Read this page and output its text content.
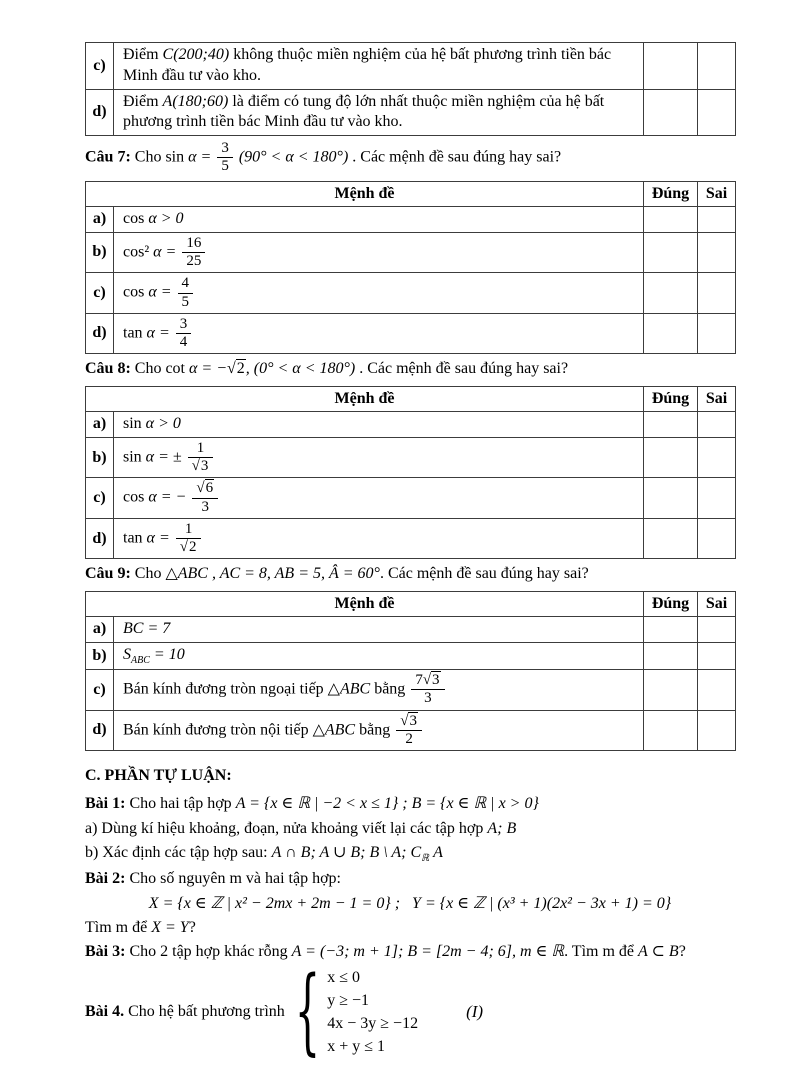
c)	Điểm C(200;40) không thuộc miền nghiệm của hệ bất phương trình tiền bác Minh đầu tư vào kho.		
d)	Điểm A(180;60) là điểm có tung độ lớn nhất thuộc miền nghiệm của hệ bất phương trình tiền bác Minh đầu tư vào kho.		
Câu 7: Cho $\sin \alpha = \frac{3}{5} (90^\circ < \alpha < 180^\circ)$ . Các mệnh đề sau đúng hay sai?
Mệnh đề		Đúng	Sai
a)	cos α > 0		
b)	cos² $\alpha = \frac{16}{25}$

c)	$\cos \alpha = \frac{4}{5}$

d)	$\tan \alpha = \frac{3}{4}$

Câu 8: Cho cot α = − √ 2, (0° < α < 180°) . Các mệnh đề sau đúng hay sai?
Mệnh đề		Đúng	Sai
a)	sin α > 0		
b)	sin α = ± 1
√ 3

c)	cos α = − √ $\frac{6}{3}$

d)	tan α = 1
√ 2

Câu 9: Cho △ABC , AC = 8, AB = 5, Â = 60°. Các mệnh đề sau đúng hay sai?
Mệnh đề		Đúng	Sai
a)	BC = 7		
b)	$S_{ABC} = 10$		
c)	Bán kính đương tròn ngoại tiếp △ABC bằng $\frac{7 √ 3}{3}$

d)	Bán kính đương tròn nội tiếp △ABC bằng √ $\frac{3}{2}$

C. PHẦN TỰ LUẬN:
Bài 1: Cho hai tập hợp A = {x ∈ ℝ | −2 < x ≤ 1} ; B = {x ∈ ℝ | x > 0}
a) Dùng kí hiệu khoảng, đoạn, nửa khoảng viết lại các tập hợp A; B
b) Xác định các tập hợp sau: A ∩ B; A ∪ B; B \ A; $C_ℝ$ A
Bài 2: Cho số nguyên m và hai tập hợp:
X = {x ∈ ℤ | x² − 2mx + 2m − 1 = 0} ; Y = {x ∈ ℤ | (x³ + 1)(2x² − 3x + 1) = 0}
Tìm m để X = Y?
Bài 3: Cho 2 tập hợp khác rỗng A = (−3; m + 1]; B = [2m − 4; 6], m ∈ ℝ. Tìm m để A ⊂ B?
Bài 4.
Cho hệ bất phương trình { x ≤ 0
y ≥ −1
4x − 3y ≥ −12
x + y ≤ 1
(I)
